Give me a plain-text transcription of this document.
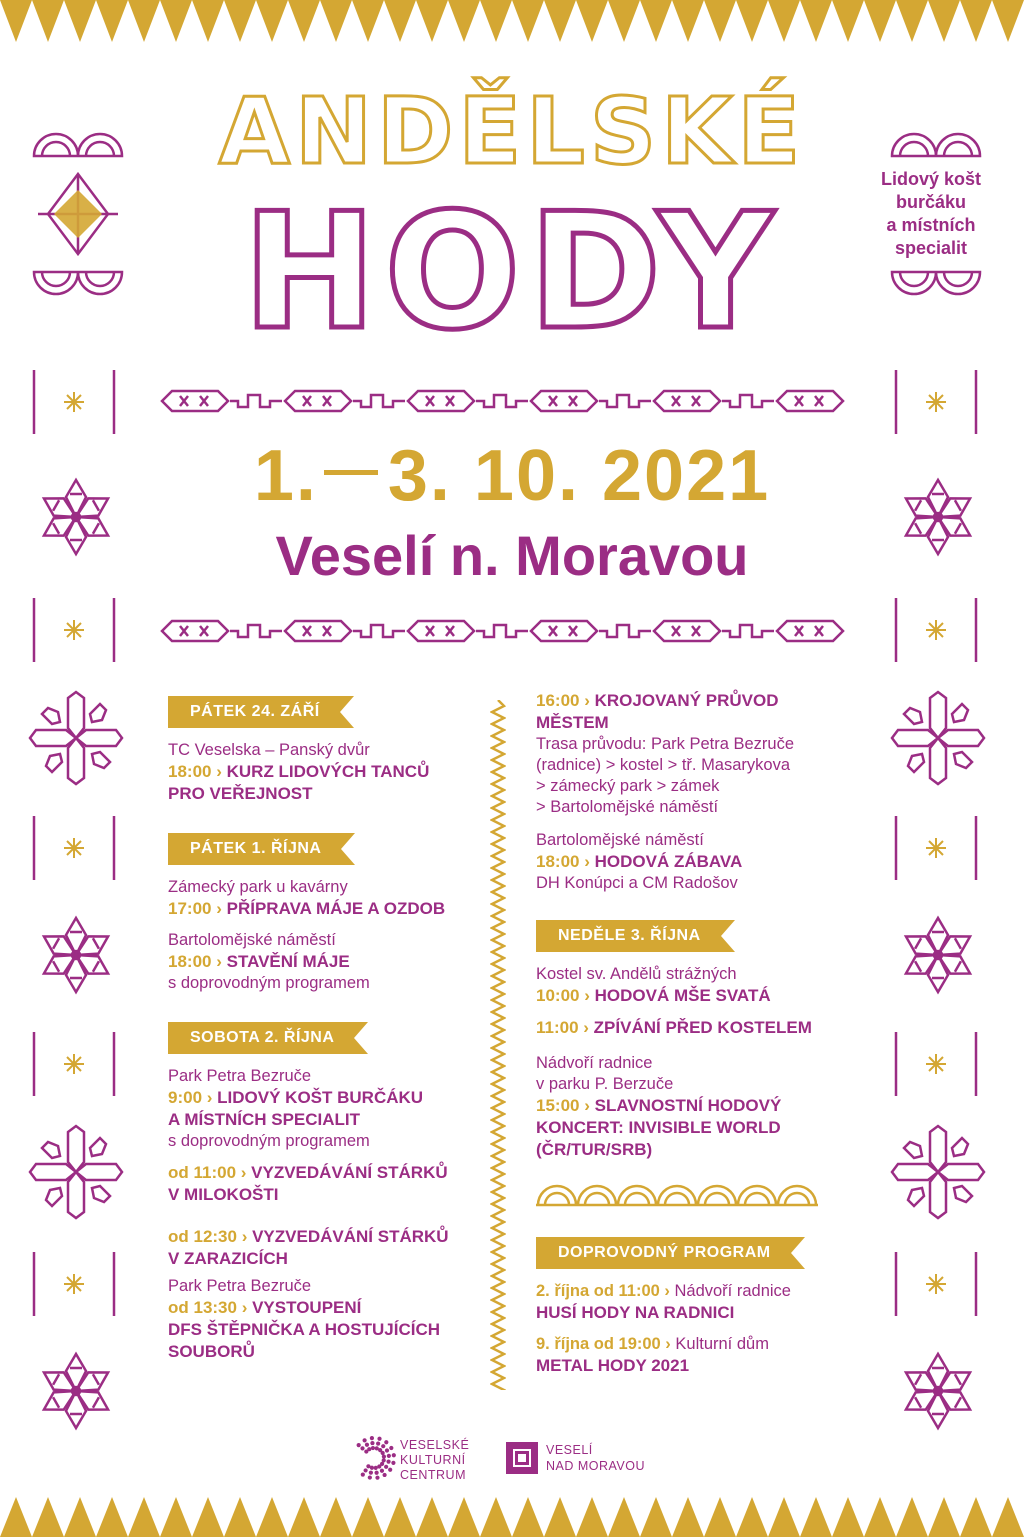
ANDĚLSKÉ
HODY	Lidový košt
burčáku
a místních
specialit
1. 3. 10. 2021
Veselí n. Moravou
PÁTEK 24. ZÁŘÍ
TC Veselska – Panský dvůr
18:00 › KURZ LIDOVÝCH TANCŮ
PRO VEŘEJNOST
PÁTEK 1. ŘÍJNA
Zámecký park u kavárny
17:00 › PŘÍPRAVA MÁJE A OZDOB
Bartoloměјské náměstí
18:00 › STAVĚNÍ MÁJE
s doprovodným programem
SOBOTA 2. ŘÍJNA
Park Petra Bezruče
9:00 › LIDOVÝ KOŠT BURČÁKU
A MÍSTNÍCH SPECIALIT
s doprovodným programem
od 11:00 › VYZVEDÁVÁNÍ STÁRKŮ
V MILOKOŠTI
od 12:30 › VYZVEDÁVÁNÍ STÁRKŮ
V ZARAZICÍCH
Park Petra Bezruče
od 13:30 › VYSTOUPENÍ
DFS ŠTĚPNIČKA A HOSTUJÍCÍCH
SOUBORŮ
16:00 › KROJOVANÝ PRŮVOD
MĚSTEM
Trasa průvodu: Park Petra Bezruče
(radnice) > kostel > tř. Masarykova
> zámecký park > zámek
> Bartoloměјské náměstí
Bartoloměјské náměstí
18:00 › HODOVÁ ZÁBAVA
DH Konúpci a CM Radošov
NEDĚLE 3. ŘÍJNA
Kostel sv. Andělů strážných
10:00 › HODOVÁ MŠE SVATÁ
11:00 › ZPÍVÁNÍ PŘED KOSTELEM
Nádvoří radnice
v parku P. Berzuče
15:00 › SLAVNOSTNÍ HODOVÝ
KONCERT: INVISIBLE WORLD
(ČR/TUR/SRB)
DOPROVODNÝ PROGRAM
2. října od 11:00 › Nádvoří radnice
HUSÍ HODY NA RADNICI
9. října od 19:00 › Kulturní dům
METAL HODY 2021
VESELSKÉ
KULTURNÍ
CENTRUM
VESELÍ
NAD MORAVOU
